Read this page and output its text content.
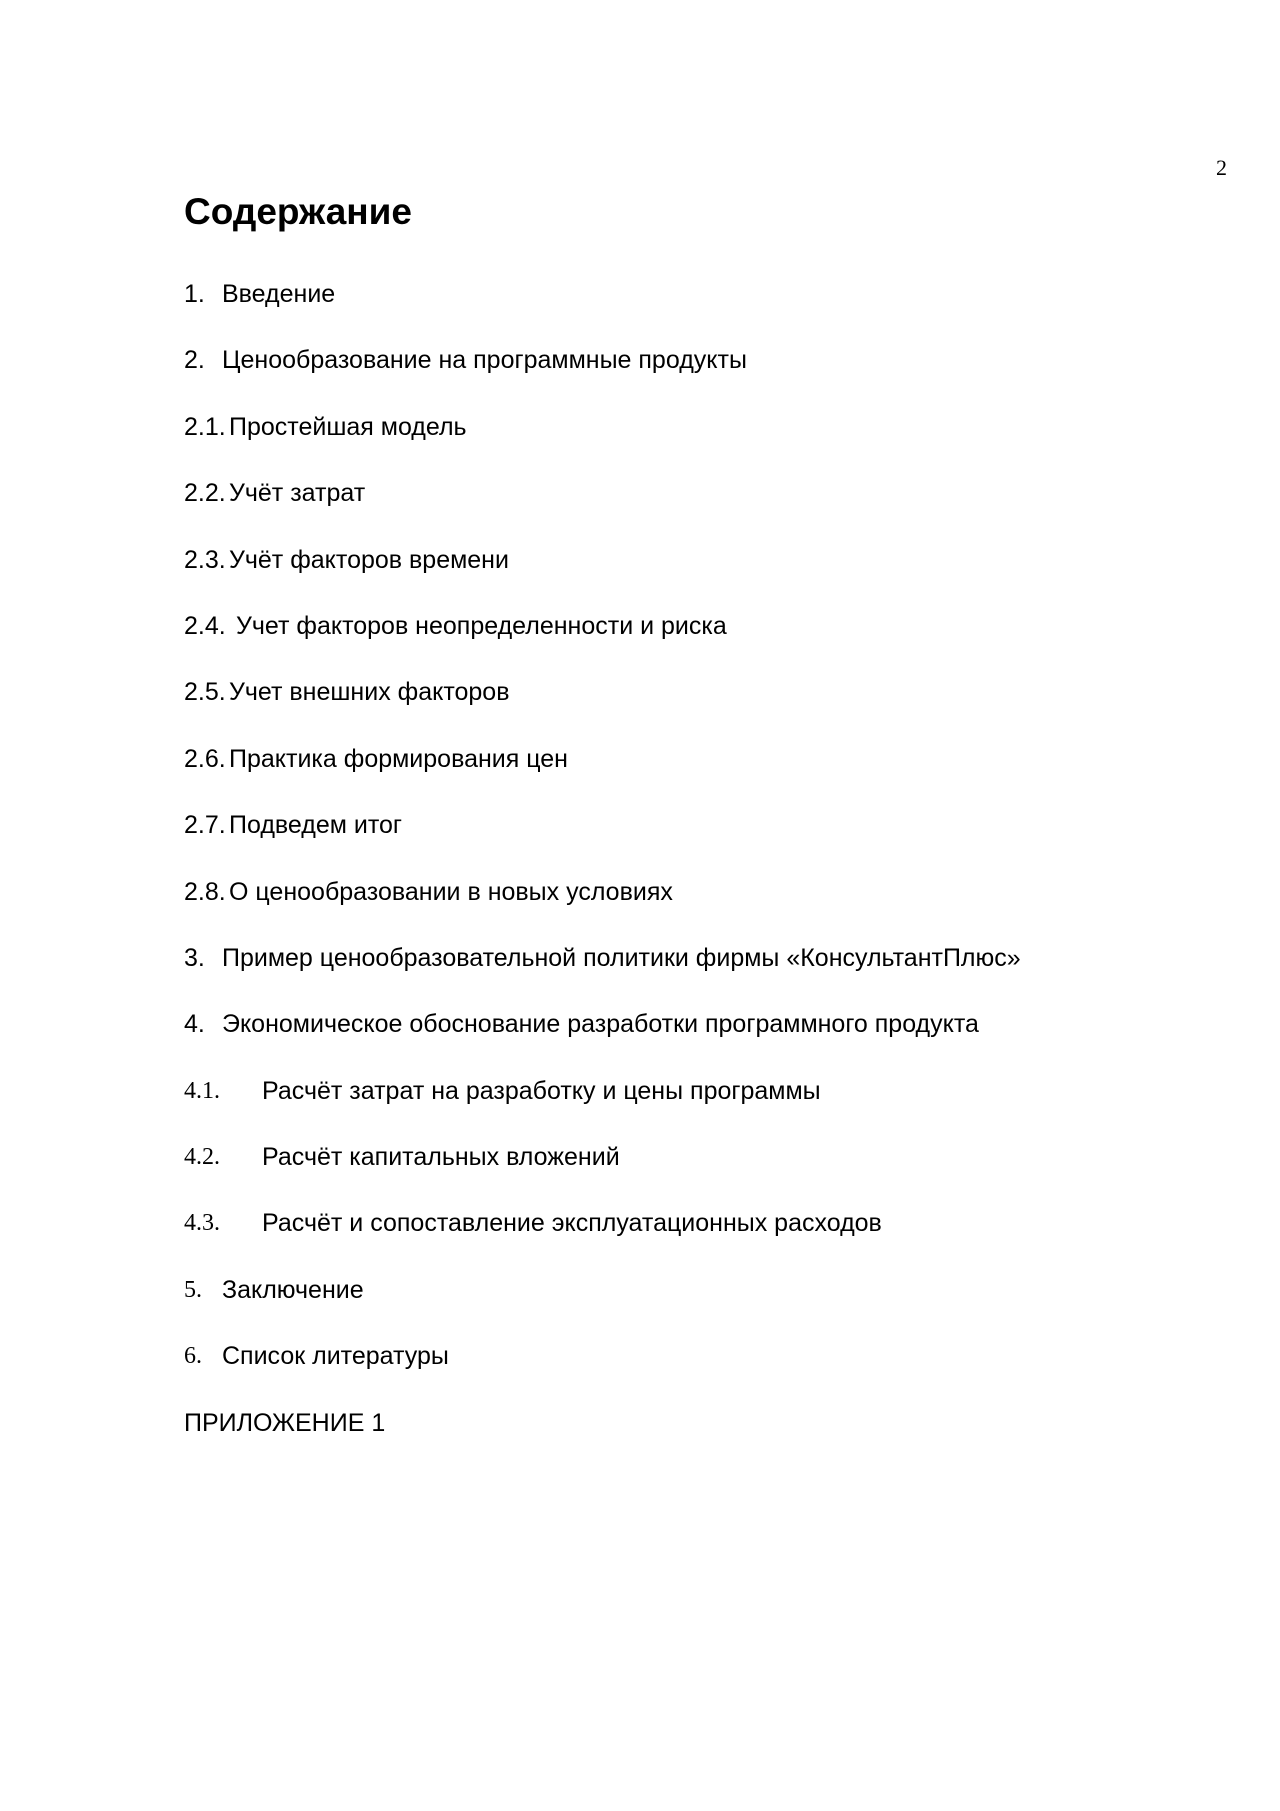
2
Содержание
1. Введение
2. Ценообразование на программные продукты
2.1. Простейшая модель
2.2. Учёт затрат
2.3. Учёт факторов времени
2.4. Учет факторов неопределенности и риска
2.5. Учет внешних факторов
2.6. Практика формирования цен
2.7. Подведем итог
2.8. О ценообразовании в новых условиях
3. Пример ценообразовательной политики фирмы «КонсультантПлюс»
4. Экономическое обоснование разработки программного продукта
4.1.	Расчёт затрат на разработку и цены программы
4.2.	Расчёт капитальных вложений
4.3.	Расчёт и сопоставление эксплуатационных расходов
5. Заключение
6. Список литературы
ПРИЛОЖЕНИЕ 1
